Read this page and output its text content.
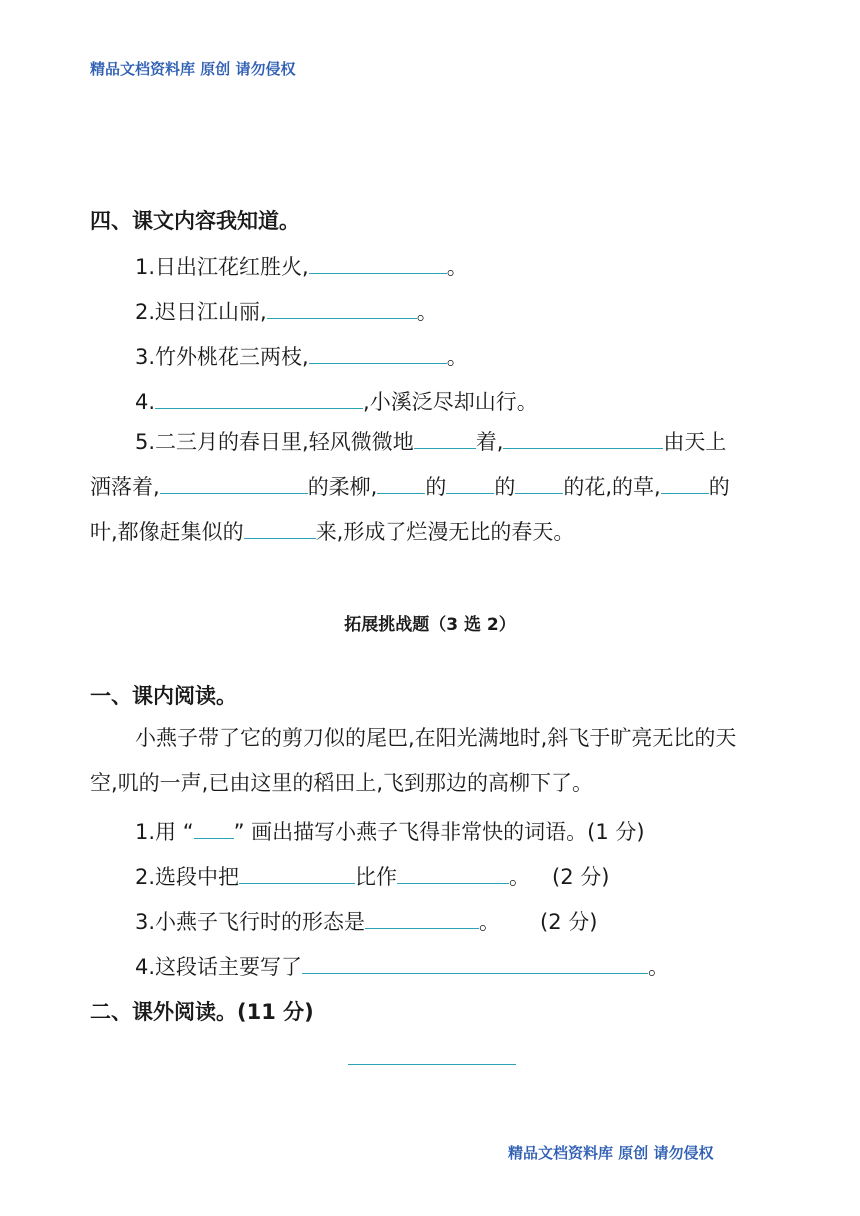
精品文档资料库 原创 请勿侵权
四、课文内容我知道。
1.日出江花红胜火,	。
2.迟日江山丽,	。
3.竹外桃花三两枝,	。
4.	,小溪泛尽却山行。
5.二三月的春日里,轻风微微地	着,	由天上洒落着,	的柔柳, 的 的 的花,的草, 的叶,都像赶集似的	来,形成了烂漫无比的春天。
拓展挑战题（3 选 2）
一、课内阅读。
小燕子带了它的剪刀似的尾巴,在阳光满地时,斜飞于旷亮无比的天空,叽的一声,已由这里的稻田上,飞到那边的高柳下了。
1.用 “ ” 画出描写小燕子飞得非常快的词语。(1 分)
2.选段中把	比作	。 (2 分)
3.小燕子飞行时的形态是	。 (2 分)
4.这段话主要写了	。
二、课外阅读。(11 分)
精品文档资料库 原创 请勿侵权
